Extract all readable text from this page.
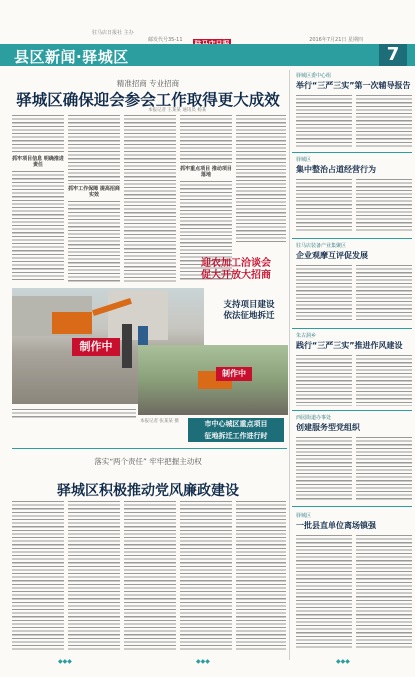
驻马店日报社 主办
邮发代号35-11	2016年7月21日 星期四
县区新闻·驿城区	7
精准招商 专业招商
驿城区确保迎会参会工作取得更大成效
本报记者 王某某 通讯员 杨某
抓牢项目信息 明确推进责任
抓牢工作保障 提高招商实效
抓牢重点项目 推动项目落地
迎农加工洽谈会
促大开放大招商
制作中
支持项目建设
依法征地拆迁
制作中
本报记者 张某某 摄	市中心城区重点项目
征地拆迁工作进行时
落实“两个责任” 牢牢把握主动权
驿城区积极推动党风廉政建设
驿城区委中心组
举行“三严三实”第一次辅导报告
驿城区
集中整治占道经营行为
驻马店装备产业集聚区
企业观摩互评促发展
朱古洞乡
践行“三严三实”推进作风建设
西园街道办事处
创建服务型党组织
驿城区
一批县直单位离场镇强
◆◆◆	◆◆◆	◆◆◆
